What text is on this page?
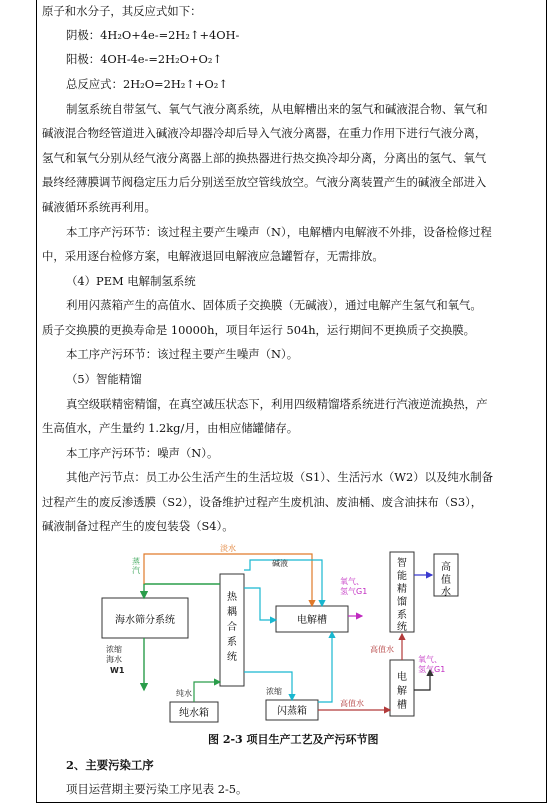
原子和水分子，其反应式如下：
阴极：4H₂O+4e-=2H₂↑+4OH-
阳极：4OH-4e-=2H₂O+O₂↑
总反应式：2H₂O=2H₂↑+O₂↑
制氢系统自带氢气、氧气气液分离系统，从电解槽出来的氢气和碱液混合物、氧气和
碱液混合物经管道进入碱液冷却器冷却后导入气液分离器，在重力作用下进行气液分离，
氢气和氧气分别从经气液分离器上部的换热器进行热交换冷却分离，分离出的氢气、氧气
最终经薄膜调节阀稳定压力后分别送至放空管线放空。气液分离装置产生的碱液全部进入
碱液循环系统再利用。
本工序产污环节：该过程主要产生噪声（N），电解槽内电解液不外排，设备检修过程
中，采用逐台检修方案，电解液退回电解液应急罐暂存，无需排放。
（4）PEM 电解制氢系统
利用闪蒸箱产生的高值水、固体质子交换膜（无碱液），通过电解产生氢气和氧气。
质子交换膜的更换寿命是 10000h，项目年运行 504h，运行期间不更换质子交换膜。
本工序产污环节：该过程主要产生噪声（N）。
（5）智能精馏
真空级联精密精馏，在真空减压状态下，利用四级精馏塔系统进行汽液逆流换热，产
生高值水，产生量约 1.2kg/月，由相应储罐储存。
本工序产污环节：噪声（N）。
其他产污节点：员工办公生活产生的生活垃圾（S1）、生活污水（W2）以及纯水制备
过程产生的废反渗透膜（S2），设备维护过程产生废机油、废油桶、废含油抹布（S3），
碱液制备过程产生的废包装袋（S4）。
海水筛分系统
热
耦
合
系
统
电解槽
纯水箱	闪蒸箱
电
解
槽
智
能
精
馏
系
统
高
值
水
蒸
汽
淡水
碱液
氧气、
氢气G1
浓缩
海水
W1
纯水	浓缩
高值水
高值水
氧气、
氢气G1
图 2-3 项目生产工艺及产污环节图
2、主要污染工序
项目运营期主要污染工序见表 2-5。
